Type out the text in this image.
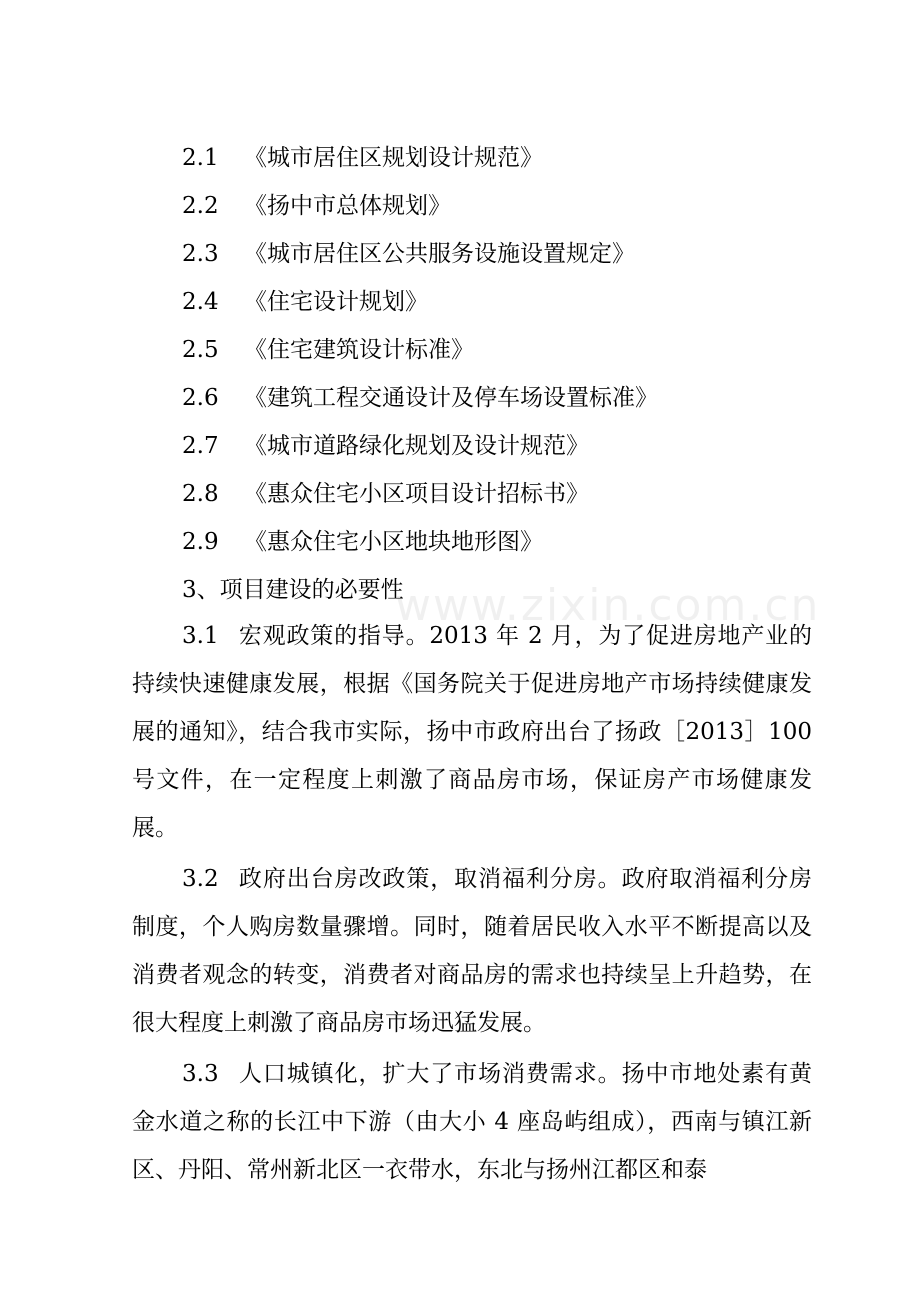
2.1 《城市居住区规划设计规范》
2.2 《扬中市总体规划》
2.3 《城市居住区公共服务设施设置规定》
2.4 《住宅设计规划》
2.5 《住宅建筑设计标准》
2.6 《建筑工程交通设计及停车场设置标准》
2.7 《城市道路绿化规划及设计规范》
2.8 《惠众住宅小区项目设计招标书》
2.9 《惠众住宅小区地块地形图》
3、项目建设的必要性
3.1 宏观政策的指导。2013 年 2 月，为了促进房地产业的持续快速健康发展，根据《国务院关于促进房地产市场持续健康发展的通知》，结合我市实际，扬中市政府出台了扬政［2013］100 号文件，在一定程度上刺激了商品房市场，保证房产市场健康发展。
3.2 政府出台房改政策，取消福利分房。政府取消福利分房制度，个人购房数量骤增。同时，随着居民收入水平不断提高以及消费者观念的转变，消费者对商品房的需求也持续呈上升趋势，在很大程度上刺激了商品房市场迅猛发展。
3.3 人口城镇化，扩大了市场消费需求。扬中市地处素有黄金水道之称的长江中下游（由大小 4 座岛屿组成），西南与镇江新区、丹阳、常州新北区一衣带水，东北与扬州江都区和泰
www.zixin.com.cn
